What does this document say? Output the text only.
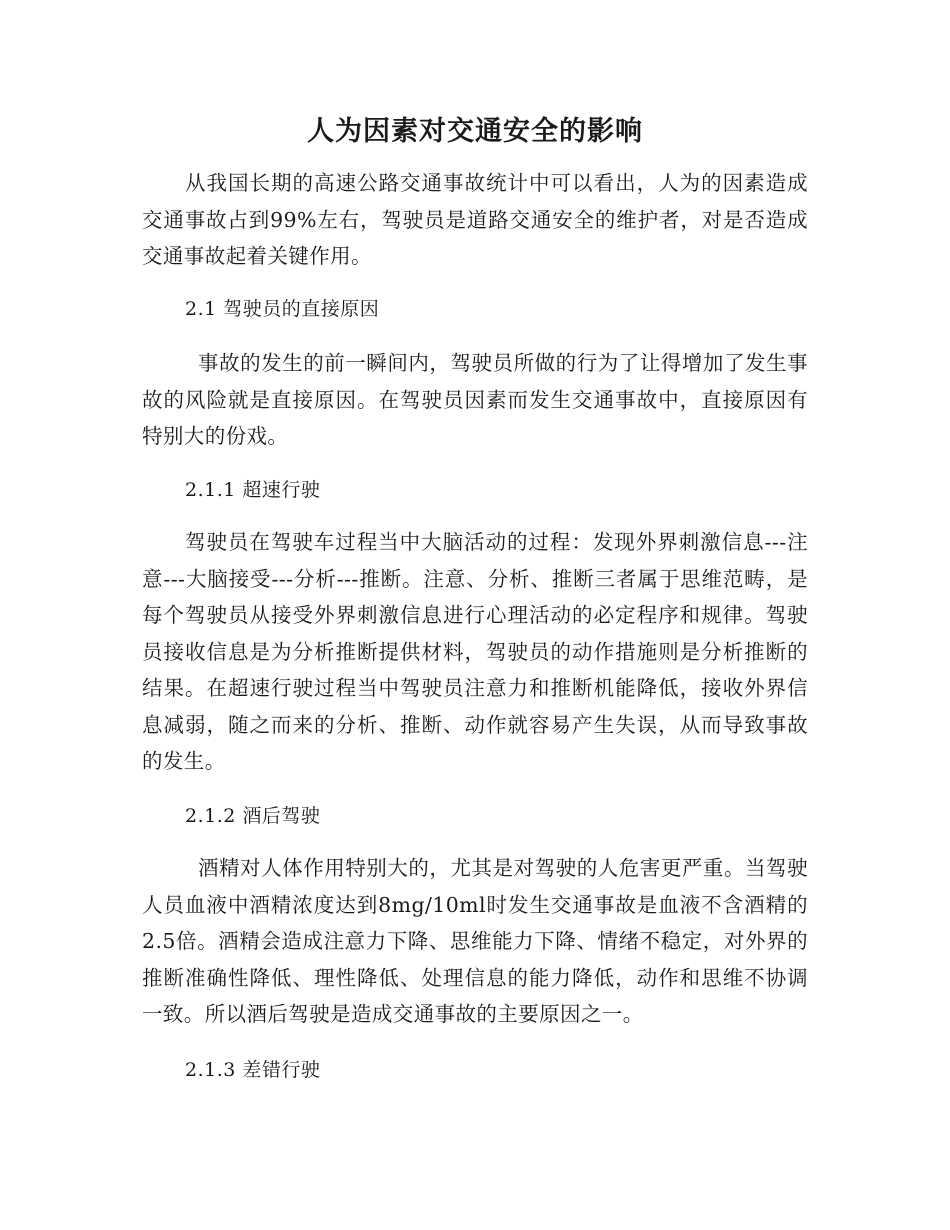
人为因素对交通安全的影响

从我国长期的高速公路交通事故统计中可以看出，人为的因素造成交通事故占到99%左右，驾驶员是道路交通安全的维护者，对是否造成交通事故起着关键作用。

2.1 驾驶员的直接原因

事故的发生的前一瞬间内，驾驶员所做的行为了让得增加了发生事故的风险就是直接原因。在驾驶员因素而发生交通事故中，直接原因有特别大的份戏。

2.1.1 超速行驶

驾驶员在驾驶车过程当中大脑活动的过程：发现外界刺激信息---注意---大脑接受---分析---推断。注意、分析、推断三者属于思维范畴，是每个驾驶员从接受外界刺激信息进行心理活动的必定程序和规律。驾驶员接收信息是为分析推断提供材料，驾驶员的动作措施则是分析推断的结果。在超速行驶过程当中驾驶员注意力和推断机能降低，接收外界信息减弱，随之而来的分析、推断、动作就容易产生失误，从而导致事故的发生。

2.1.2 酒后驾驶

酒精对人体作用特别大的，尤其是对驾驶的人危害更严重。当驾驶人员血液中酒精浓度达到8mg/10ml时发生交通事故是血液不含酒精的2.5倍。酒精会造成注意力下降、思维能力下降、情绪不稳定，对外界的推断准确性降低、理性降低、处理信息的能力降低，动作和思维不协调一致。所以酒后驾驶是造成交通事故的主要原因之一。

2.1.3 差错行驶
